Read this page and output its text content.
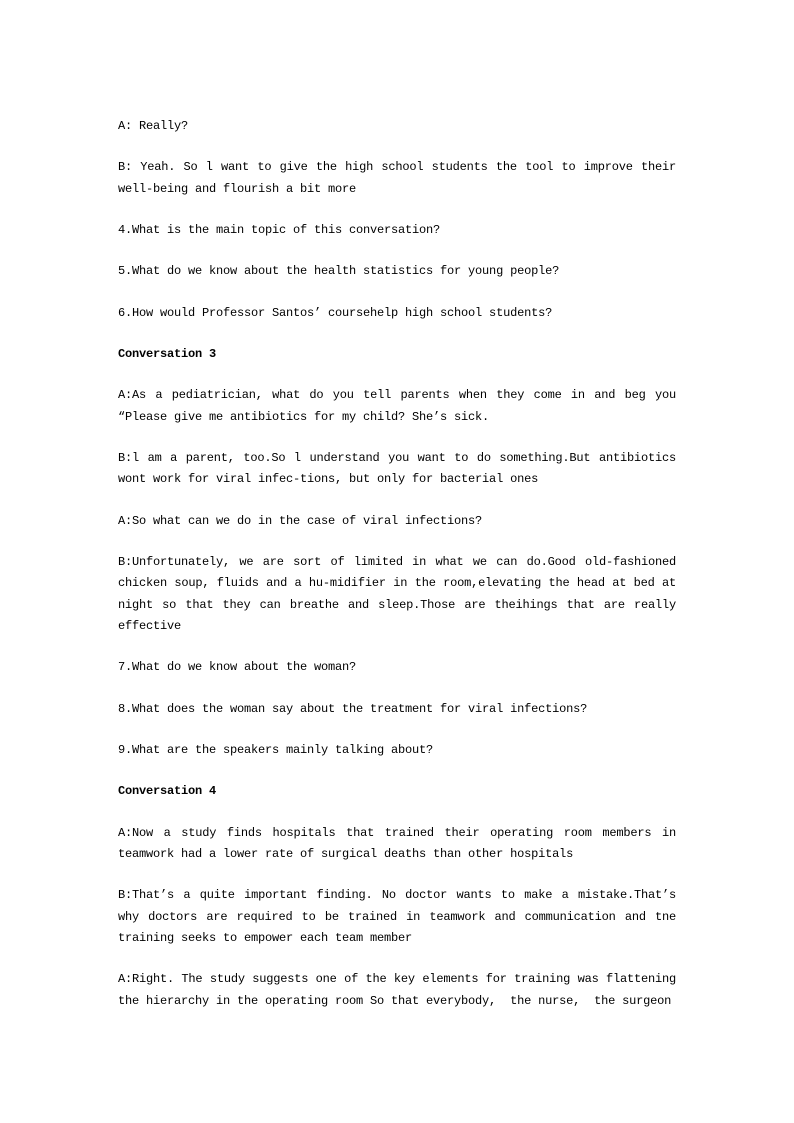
A: Really?

B: Yeah. So l want to give the high school students the tool to improve their well-being and flourish a bit more

4.What is the main topic of this conversation?

5.What do we know about the health statistics for young people?

6.How would Professor Santos’ coursehelp high school students?

Conversation 3

A:As a pediatrician, what do you tell parents when they come in and beg you “Please give me antibiotics for my child? She’s sick.

B:l am a parent, too.So l understand you want to do something.But antibiotics wont work for viral infec-tions, but only for bacterial ones

A:So what can we do in the case of viral infections?

B:Unfortunately, we are sort of limited in what we can do.Good old-fashioned chicken soup, fluids and a hu-midifier in the room,elevating the head at bed at night so that they can breathe and sleep.Those are theihings that are really effective

7.What do we know about the woman?

8.What does the woman say about the treatment for viral infections?

9.What are the speakers mainly talking about?

Conversation 4

A:Now a study finds hospitals that trained their operating room members in teamwork had a lower rate of surgical deaths than other hospitals

B:That’s a quite important finding. No doctor wants to make a mistake.That’s why doctors are required to be trained in teamwork and communication and tne training seeks to empower each team member

A:Right. The study suggests one of the key elements for training was flattening the hierarchy in the operating room So that everybody,  the nurse,  the surgeon
